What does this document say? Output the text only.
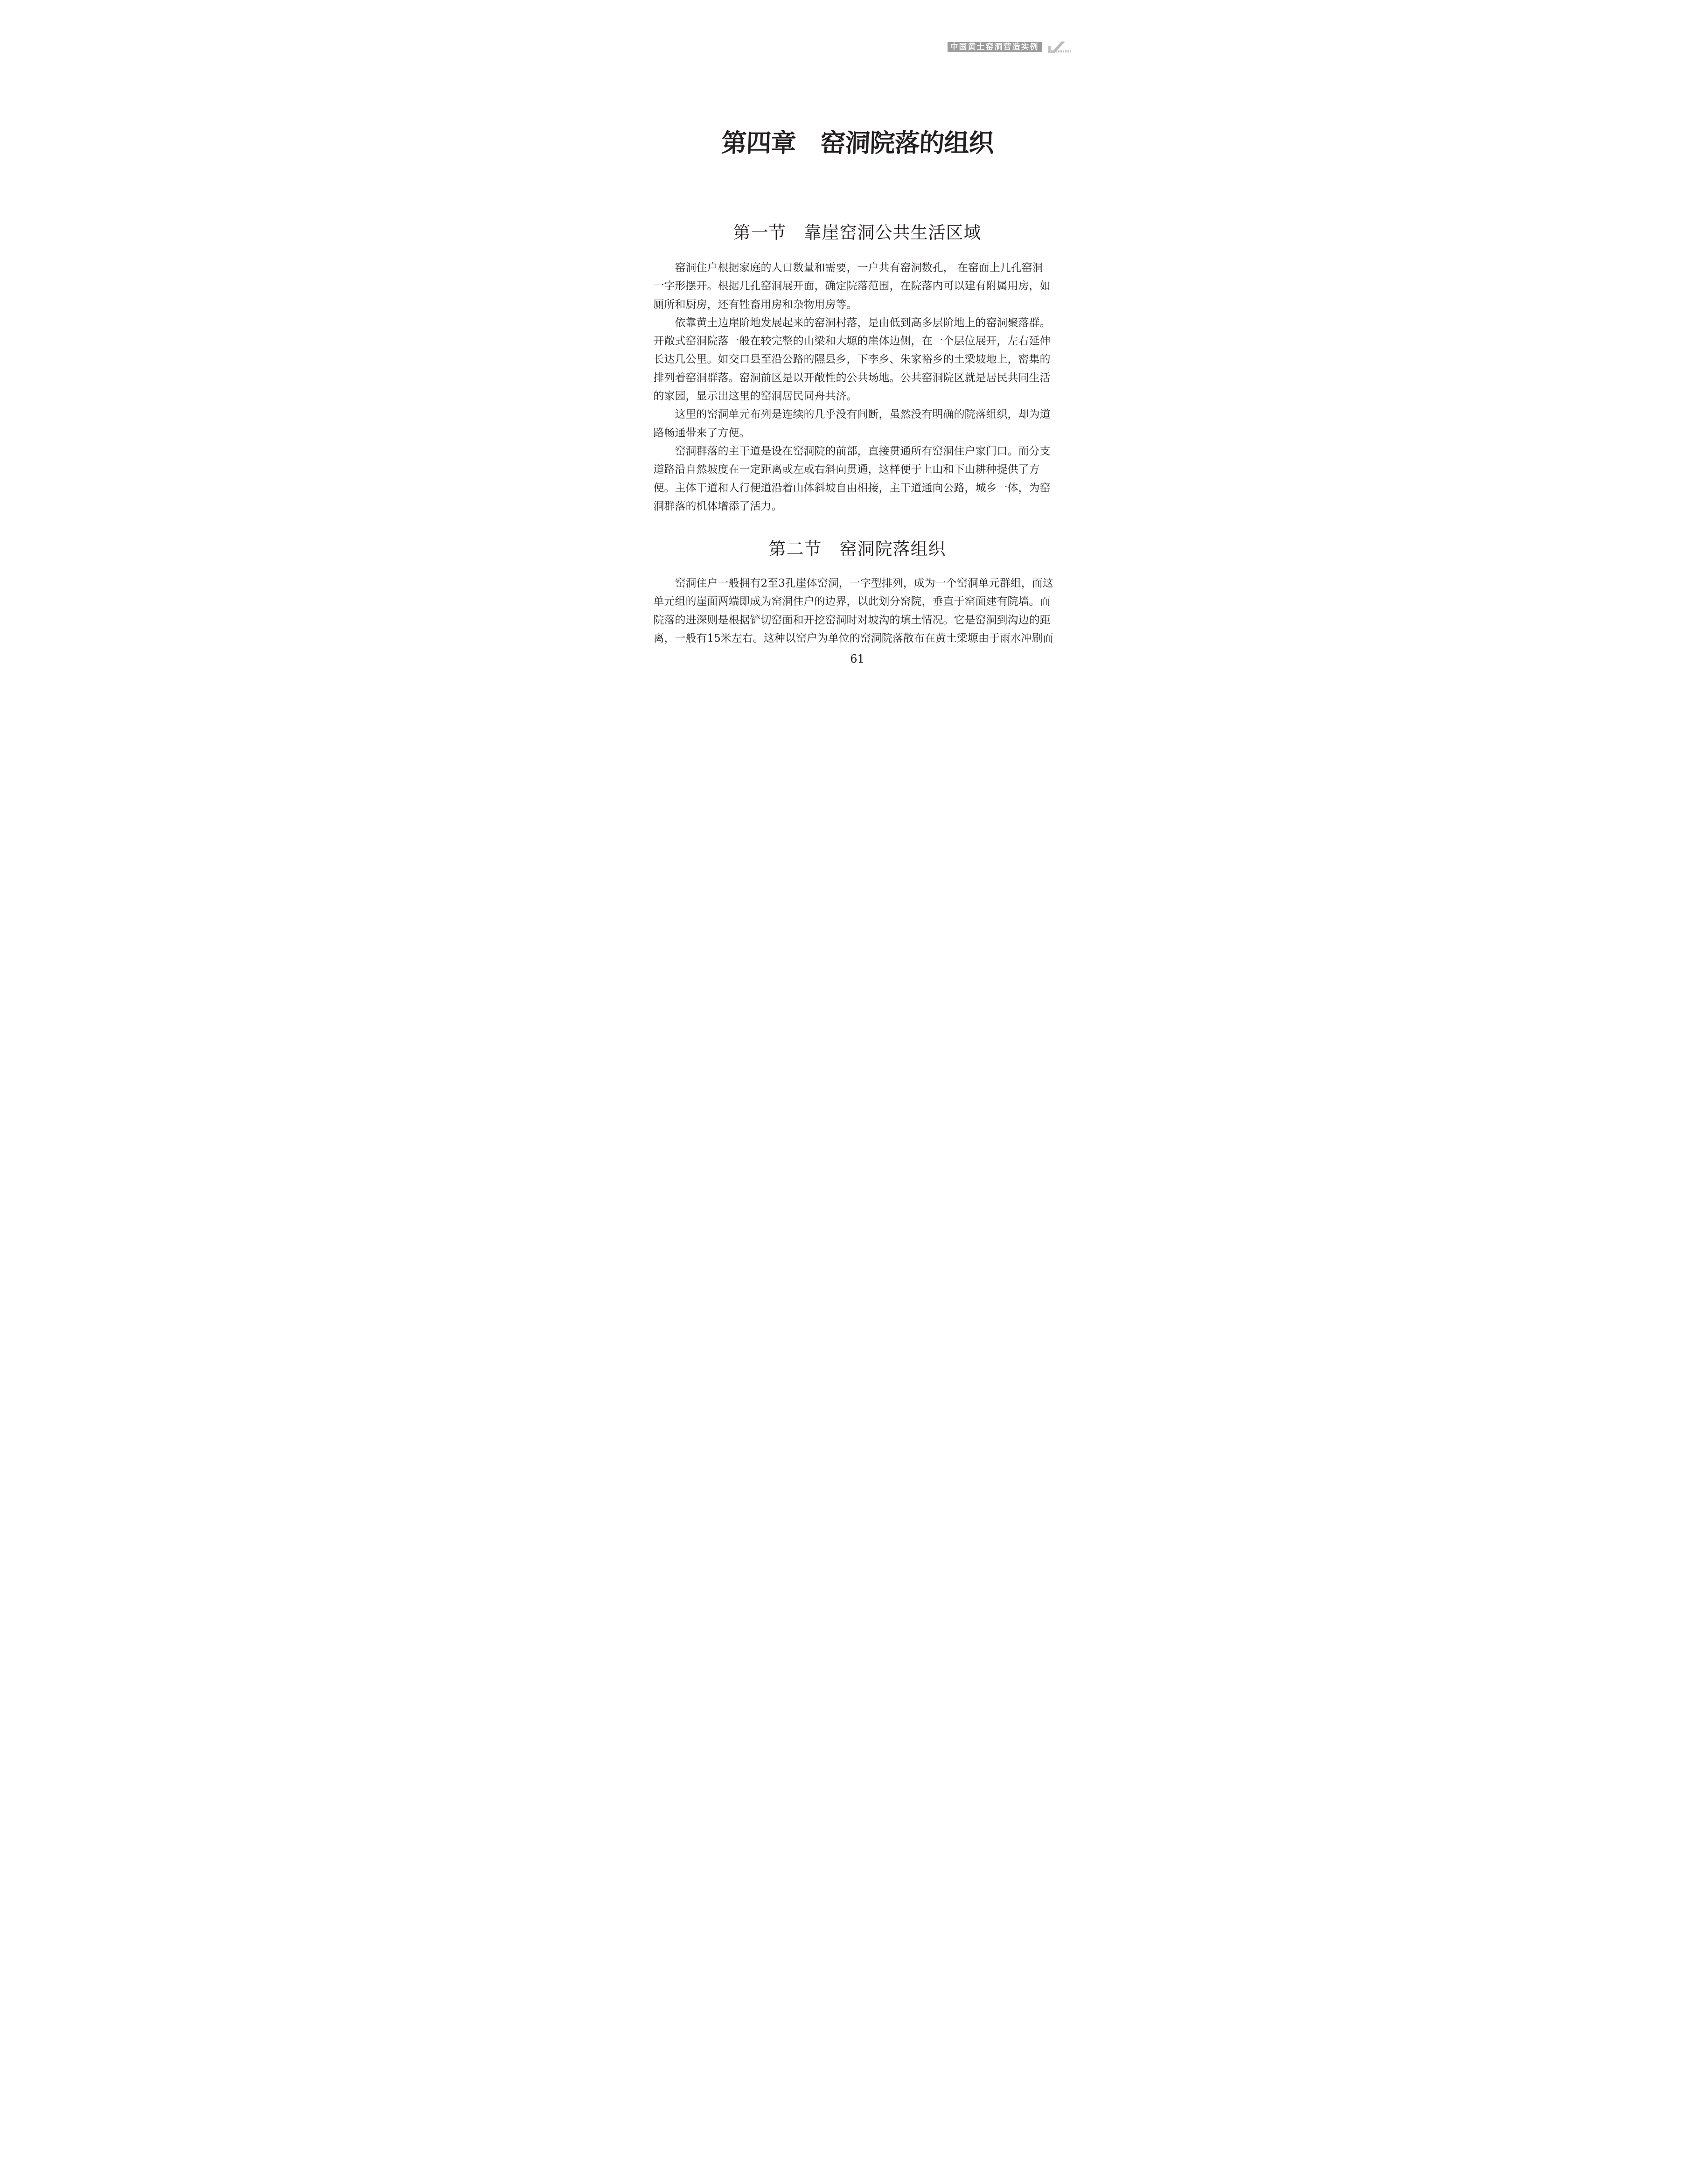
中国黄土窑洞营造实例
第四章　窑洞院落的组织
第一节　靠崖窑洞公共生活区域
窑洞住户根据家庭的人口数量和需要，一户共有窑洞数孔， 在窑面上几孔窑洞
一字形摆开。根据几孔窑洞展开面，确定院落范围，在院落内可以建有附属用房，如
厕所和厨房，还有牲畜用房和杂物用房等。
依靠黄土边崖阶地发展起来的窑洞村落，是由低到高多层阶地上的窑洞聚落群。
开敞式窑洞院落一般在较完整的山梁和大塬的崖体边侧，在一个层位展开，左右延伸
长达几公里。如交口县至沿公路的隰县乡，下李乡、朱家裕乡的土梁坡地上，密集的
排列着窑洞群落。窑洞前区是以开敞性的公共场地。公共窑洞院区就是居民共同生活
的家园，显示出这里的窑洞居民同舟共济。
这里的窑洞单元布列是连续的几乎没有间断，虽然没有明确的院落组织，却为道
路畅通带来了方便。
窑洞群落的主干道是设在窑洞院的前部，直接贯通所有窑洞住户家门口。而分支
道路沿自然坡度在一定距离或左或右斜向贯通，这样便于上山和下山耕种提供了方
便。主体干道和人行便道沿着山体斜坡自由相接，主干道通向公路，城乡一体，为窑
洞群落的机体增添了活力。
第二节　窑洞院落组织
窑洞住户一般拥有2至3孔崖体窑洞，一字型排列，成为一个窑洞单元群组，而这
单元组的崖面两端即成为窑洞住户的边界，以此划分窑院，垂直于窑面建有院墙。而
院落的进深则是根据铲切窑面和开挖窑洞时对坡沟的填土情况。它是窑洞到沟边的距
离，一般有15米左右。这种以窑户为单位的窑洞院落散布在黄土梁塬由于雨水冲刷而
61
